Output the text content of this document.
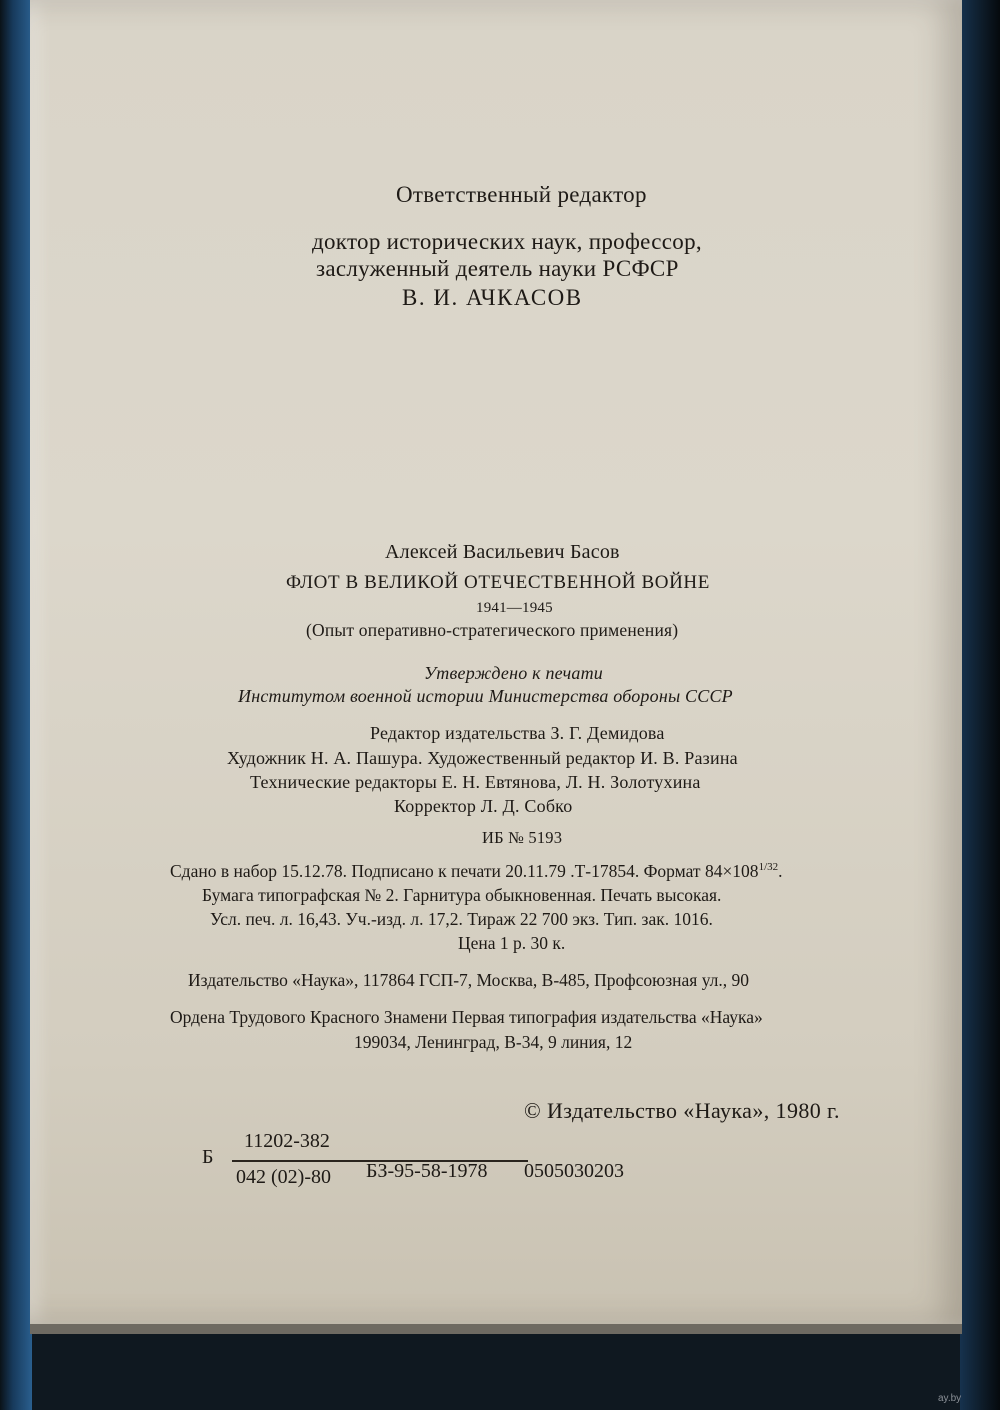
Ответственный редактор
доктор исторических наук, профессор,
заслуженный деятель науки РСФСР
В. И. АЧКАСОВ
Алексей Васильевич Басов
ФЛОТ В ВЕЛИКОЙ ОТЕЧЕСТВЕННОЙ ВОЙНЕ
1941—1945
(Опыт оперативно-стратегического применения)
Утверждено к печати
Институтом военной истории Министерства обороны СССР
Редактор издательства З. Г. Демидова
Художник Н. А. Пашура. Художественный редактор И. В. Разина
Технические редакторы Е. Н. Евтянова, Л. Н. Золотухина
Корректор Л. Д. Собко
ИБ № 5193
Сдано в набор 15.12.78. Подписано к печати 20.11.79 .Т-17854. Формат $84\times 108^{1/32}$.
Бумага типографская № 2. Гарнитура обыкновенная. Печать высокая.
Усл. печ. л. 16,43. Уч.-изд. л. 17,2. Тираж 22 700 экз. Тип. зак. 1016.
Цена 1 р. 30 к.
Издательство «Наука», 117864 ГСП-7, Москва, В-485, Профсоюзная ул., 90
Ордена Трудового Красного Знамени Первая типография издательства «Наука»
199034, Ленинград, В-34, 9 линия, 12
© Издательство «Наука», 1980 г.
Б
11202-382
042 (02)-80 БЗ-95-58-1978 0505030203
ay.by
